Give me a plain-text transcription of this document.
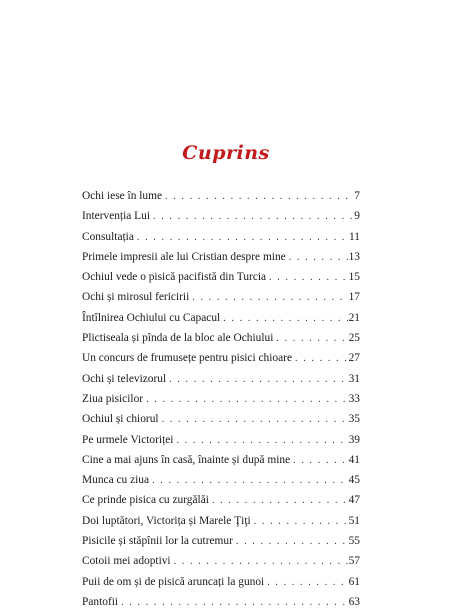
Cuprins
Ochi iese în lume . . .	7
Intervenția Lui . . .	9
Consultația . . .	11
Primele impresii ale lui Cristian despre mine . . .	13
Ochiul vede o pisică pacifistă din Turcia . . .	15
Ochi și mirosul fericirii . . .	17
Întîlnirea Ochiului cu Capacul . . .	21
Plictiseala și pînda de la bloc ale Ochiului . . .	25
Un concurs de frumusețe pentru pisici chioare . . .	27
Ochi și televizorul . . .	31
Ziua pisicilor . . .	33
Ochiul și chiorul . . .	35
Pe urmele Victoriței . . .	39
Cine a mai ajuns în casă, înainte și după mine . . .	41
Munca cu ziua . . .	45
Ce prinde pisica cu zurgălăi . . .	47
Doi luptători, Victorița și Marele Ţiţi . . .	51
Pisicile și stăpînii lor la cutremur . . .	55
Cotoii mei adoptivi . . .	57
Puii de om și de pisică aruncați la gunoi . . .	61
Pantofii . . .	63
